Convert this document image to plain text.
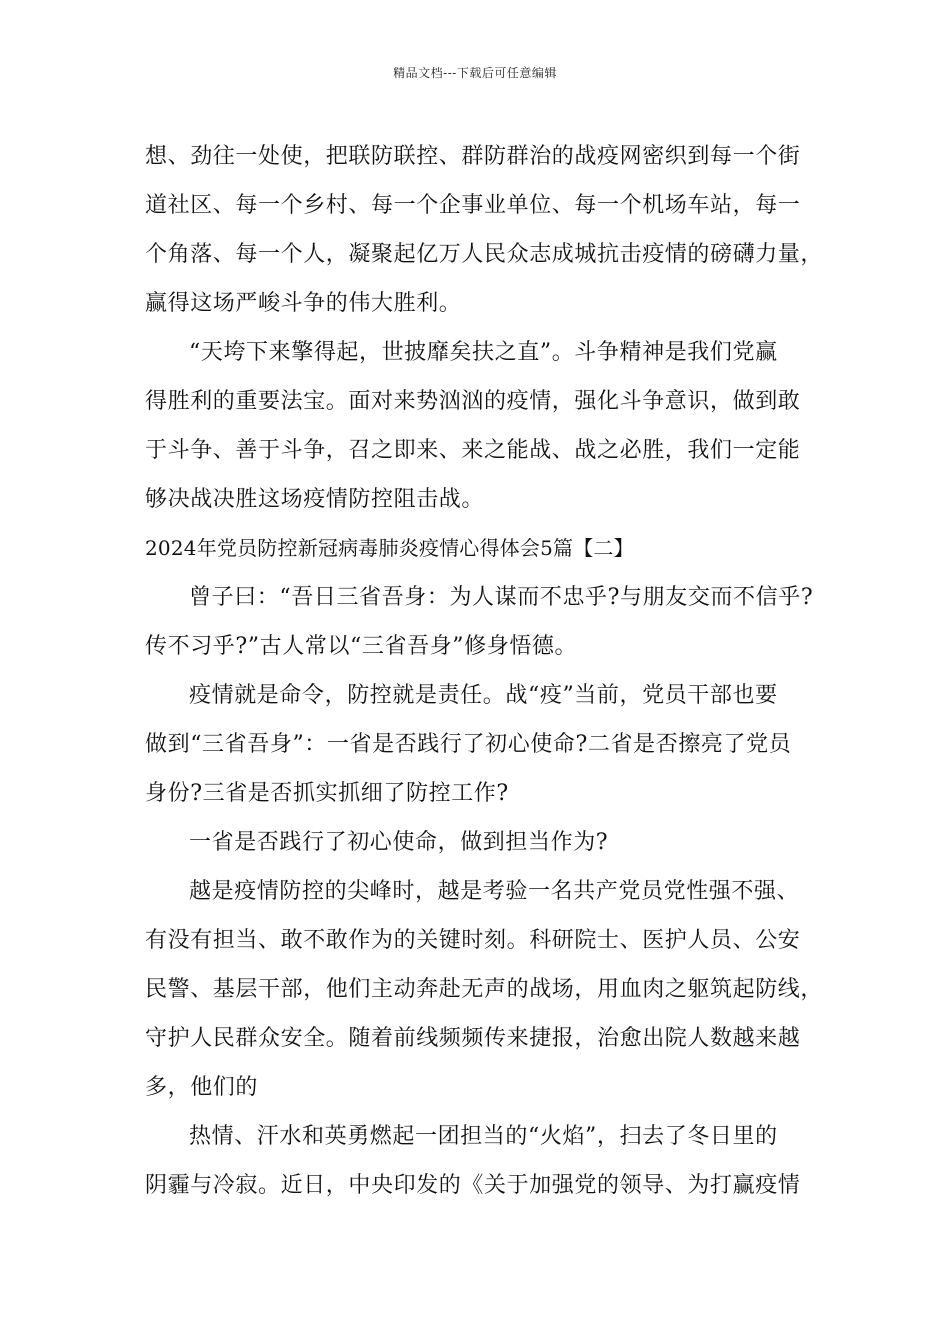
精品文档---下载后可任意编辑
想、劲往一处使，把联防联控、群防群治的战疫网密织到每一个街
道社区、每一个乡村、每一个企事业单位、每一个机场车站，每一
个角落、每一个人，凝聚起亿万人民众志成城抗击疫情的磅礴力量，
赢得这场严峻斗争的伟大胜利。
“天垮下来擎得起，世披靡矣扶之直”。斗争精神是我们党赢
得胜利的重要法宝。面对来势汹汹的疫情，强化斗争意识，做到敢
于斗争、善于斗争，召之即来、来之能战、战之必胜，我们一定能
够决战决胜这场疫情防控阻击战。
2024年党员防控新冠病毒肺炎疫情心得体会5篇【二】
曾子曰：“吾日三省吾身：为人谋而不忠乎?与朋友交而不信乎?
传不习乎?”古人常以“三省吾身”修身悟德。
疫情就是命令，防控就是责任。战“疫”当前，党员干部也要
做到“三省吾身”：一省是否践行了初心使命?二省是否擦亮了党员
身份?三省是否抓实抓细了防控工作?
一省是否践行了初心使命，做到担当作为?
越是疫情防控的尖峰时，越是考验一名共产党员党性强不强、
有没有担当、敢不敢作为的关键时刻。科研院士、医护人员、公安
民警、基层干部，他们主动奔赴无声的战场，用血肉之躯筑起防线，
守护人民群众安全。随着前线频频传来捷报，治愈出院人数越来越
多，他们的
热情、汗水和英勇燃起一团担当的“火焰”，扫去了冬日里的
阴霾与冷寂。近日，中央印发的《关于加强党的领导、为打赢疫情
